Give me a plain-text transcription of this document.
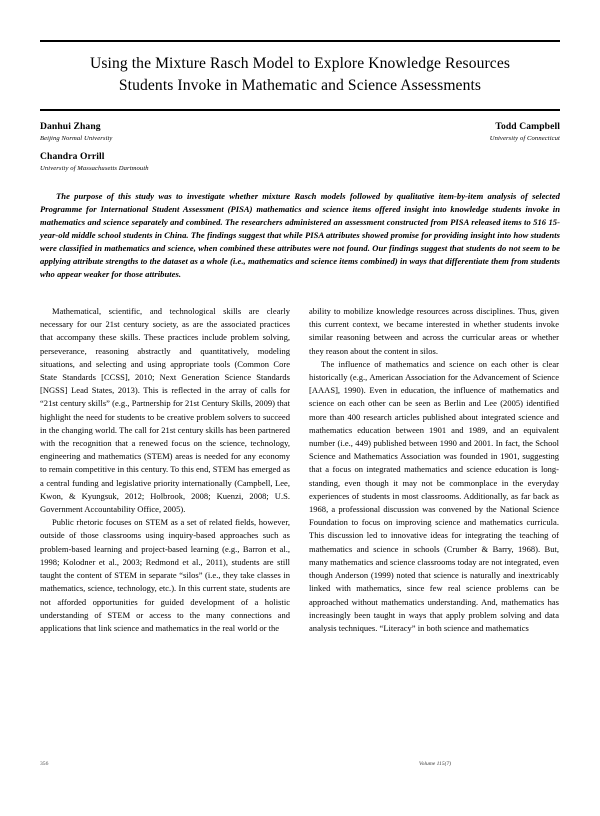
Using the Mixture Rasch Model to Explore Knowledge Resources
Students Invoke in Mathematic and Science Assessments
Danhui Zhang
Beijing Normal University
Todd Campbell
University of Connecticut
Chandra Orrill
University of Massachusetts Dartmouth
The purpose of this study was to investigate whether mixture Rasch models followed by qualitative item-by-item analysis of selected Programme for International Student Assessment (PISA) mathematics and science items offered insight into knowledge students invoke in mathematics and science separately and combined. The researchers administered an assessment constructed from PISA released items to 516 15-year-old middle school students in China. The findings suggest that while PISA attributes showed promise for providing insight into how students were classified in mathematics and science, when combined these attributes were not found. Our findings suggest that students do not seem to be applying attribute strengths to the dataset as a whole (i.e., mathematics and science items combined) in ways that differentiate them from students who appear weaker for those attributes.

Mathematical, scientific, and technological skills are clearly necessary for our 21st century society, as are the associated practices that accompany these skills. These practices include problem solving, perseverance, reasoning abstractly and quantitatively, modeling situations, and selecting and using appropriate tools (Common Core State Standards [CCSS], 2010; Next Generation Science Standards [NGSS] Lead States, 2013). This is reflected in the array of calls for “21st century skills” (e.g., Partnership for 21st Century Skills, 2009) that highlight the need for students to be creative problem solvers to succeed in the changing world. The call for 21st century skills has been partnered with the recognition that a renewed focus on the science, technology, engineering and mathematics (STEM) areas is needed for any economy to remain competitive in this century. To this end, STEM has emerged as a central funding and legislative priority internationally (Campbell, Lee, Kwon, & Kyungsuk, 2012; Holbrook, 2008; Kuenzi, 2008; U.S. Government Accountability Office, 2005).

Public rhetoric focuses on STEM as a set of related fields, however, outside of those classrooms using inquiry-based approaches such as problem-based learning and project-based learning (e.g., Barron et al., 1998; Kolodner et al., 2003; Redmond et al., 2011), students are still taught the content of STEM in separate “silos” (i.e., they take classes in mathematics, science, technology, etc.). In this current state, students are not afforded opportunities for guided development of a holistic understanding of STEM or access to the many connections and applications that link science and mathematics in the real world or the

ability to mobilize knowledge resources across disciplines. Thus, given this current context, we became interested in whether students invoke similar reasoning between and across the curricular areas or whether they reason about the content in silos.

The influence of mathematics and science on each other is clear historically (e.g., American Association for the Advancement of Science [AAAS], 1990). Even in education, the influence of mathematics and science on each other can be seen as Berlin and Lee (2005) identified more than 400 research articles published about integrated science and mathematics education between 1901 and 1989, and an equivalent number (i.e., 449) published between 1990 and 2001. In fact, the School Science and Mathematics Association was founded in 1901, suggesting that a focus on integrated mathematics and science education is long-standing, even though it may not be commonplace in the everyday experiences of students in most classrooms. Additionally, as far back as 1968, a professional discussion was convened by the National Science Foundation to focus on improving science and mathematics curricula. This discussion led to innovative ideas for integrating the teaching of mathematics and science in schools (Crumber & Barry, 1968). But, many mathematics and science classrooms today are not integrated, even though Anderson (1999) noted that science is naturally and inextricably linked with mathematics, since few real science problems can be approached without mathematics understanding. And, mathematics has increasingly been taught in ways that apply problem solving and data analysis techniques. “Literacy” in both science and mathematics

356	Volume 115(7)
